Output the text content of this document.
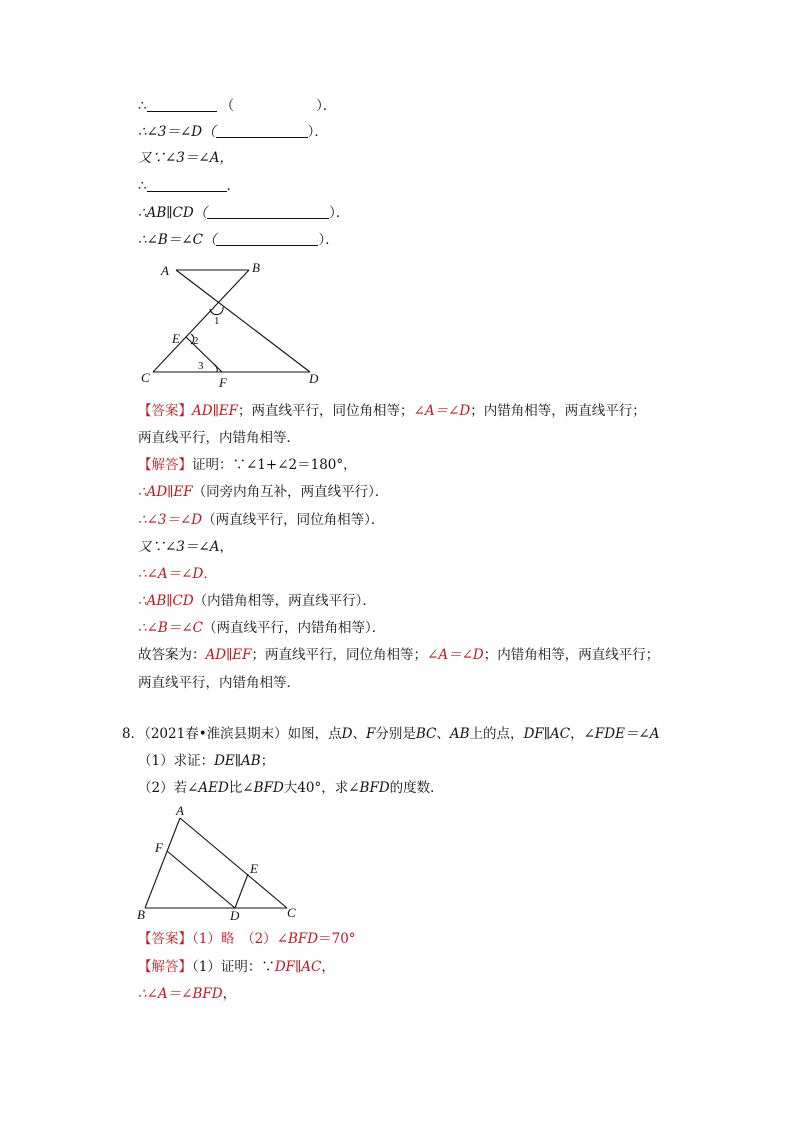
∴	（	）．
∴∠3＝∠D（	）．
又∵∠3＝∠A，
∴	．
∴AB∥CD（	）．
∴∠B＝∠C（	）．
A	B
C	D
E
F
1
2
3
A
B	C
D
E
F
【答案】AD∥EF；两直线平行，同位角相等；∠A＝∠D；内错角相等，两直线平行；
两直线平行，内错角相等．
【解答】证明：∵∠1+∠2＝180°，
∴AD∥EF（同旁内角互补，两直线平行）．
∴∠3＝∠D（两直线平行，同位角相等）．
又∵∠3＝∠A，
∴∠A＝∠D．
∴AB∥CD（内错角相等，两直线平行）．
∴∠B＝∠C（两直线平行，内错角相等）．
故答案为：AD∥EF；两直线平行，同位角相等；∠A＝∠D；内错角相等，两直线平行；
两直线平行，内错角相等．
8．（2021春•淮滨县期末）如图，点D、F分别是BC、AB上的点，DF∥AC，∠FDE＝∠A
（1）求证：DE∥AB；
（2）若∠AED比∠BFD大40°，求∠BFD的度数．
【答案】（1）略　（2）∠BFD＝70°
【解答】（1）证明：∵DF∥AC，
∴∠A＝∠BFD，
